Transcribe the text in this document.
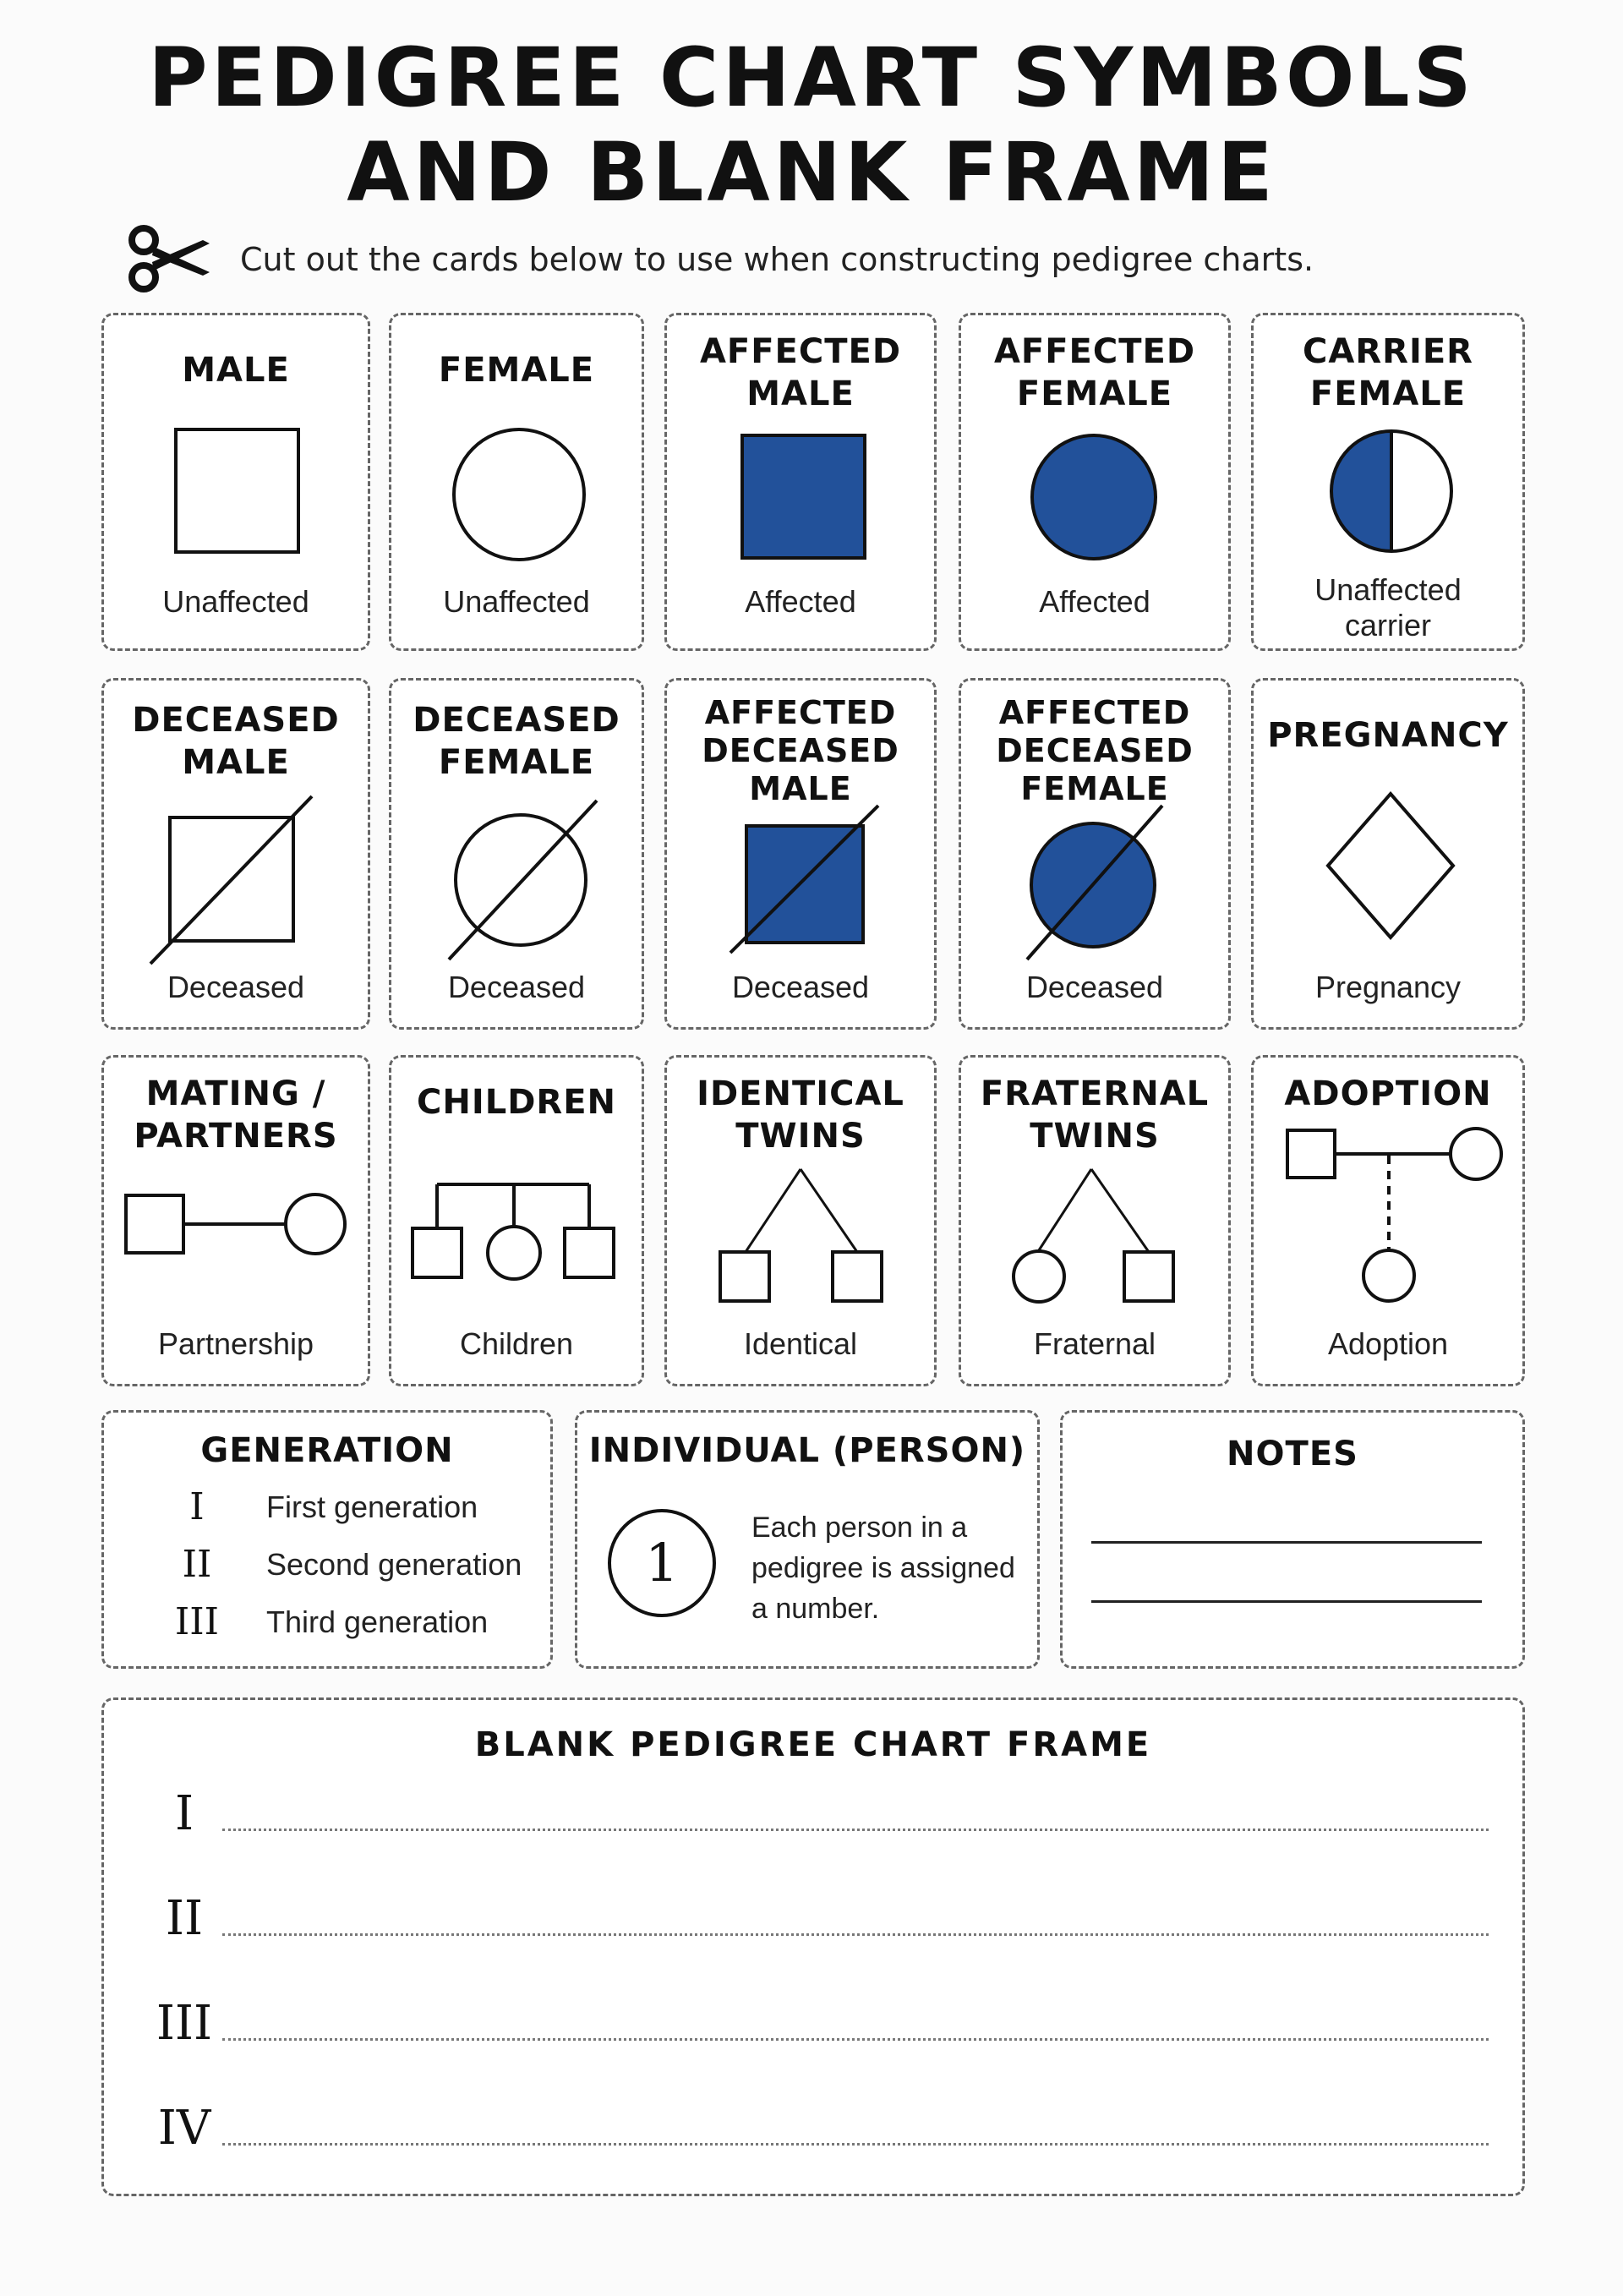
PEDIGREE CHART SYMBOLS
AND BLANK FRAME
Cut out the cards below to use when constructing pedigree charts.
MALE
Unaffected
FEMALE
Unaffected
AFFECTED
MALE
Affected
AFFECTED
FEMALE
Affected
CARRIER
FEMALE
Unaffected
carrier
DECEASED
MALE
Deceased
DECEASED
FEMALE
Deceased
AFFECTED
DECEASED
MALE
Deceased
AFFECTED
DECEASED
FEMALE
Deceased
PREGNANCY
Pregnancy
MATING /
PARTNERS
Partnership
CHILDREN
Children
IDENTICAL
TWINS
Identical
FRATERNAL
TWINS
Fraternal
ADOPTION
Adoption
GENERATION
I	First generation
II	Second generation
III	Third generation
INDIVIDUAL (PERSON)
1
Each person in a
pedigree is assigned
a number.
NOTES
BLANK PEDIGREE CHART FRAME
I
II
III
IV
